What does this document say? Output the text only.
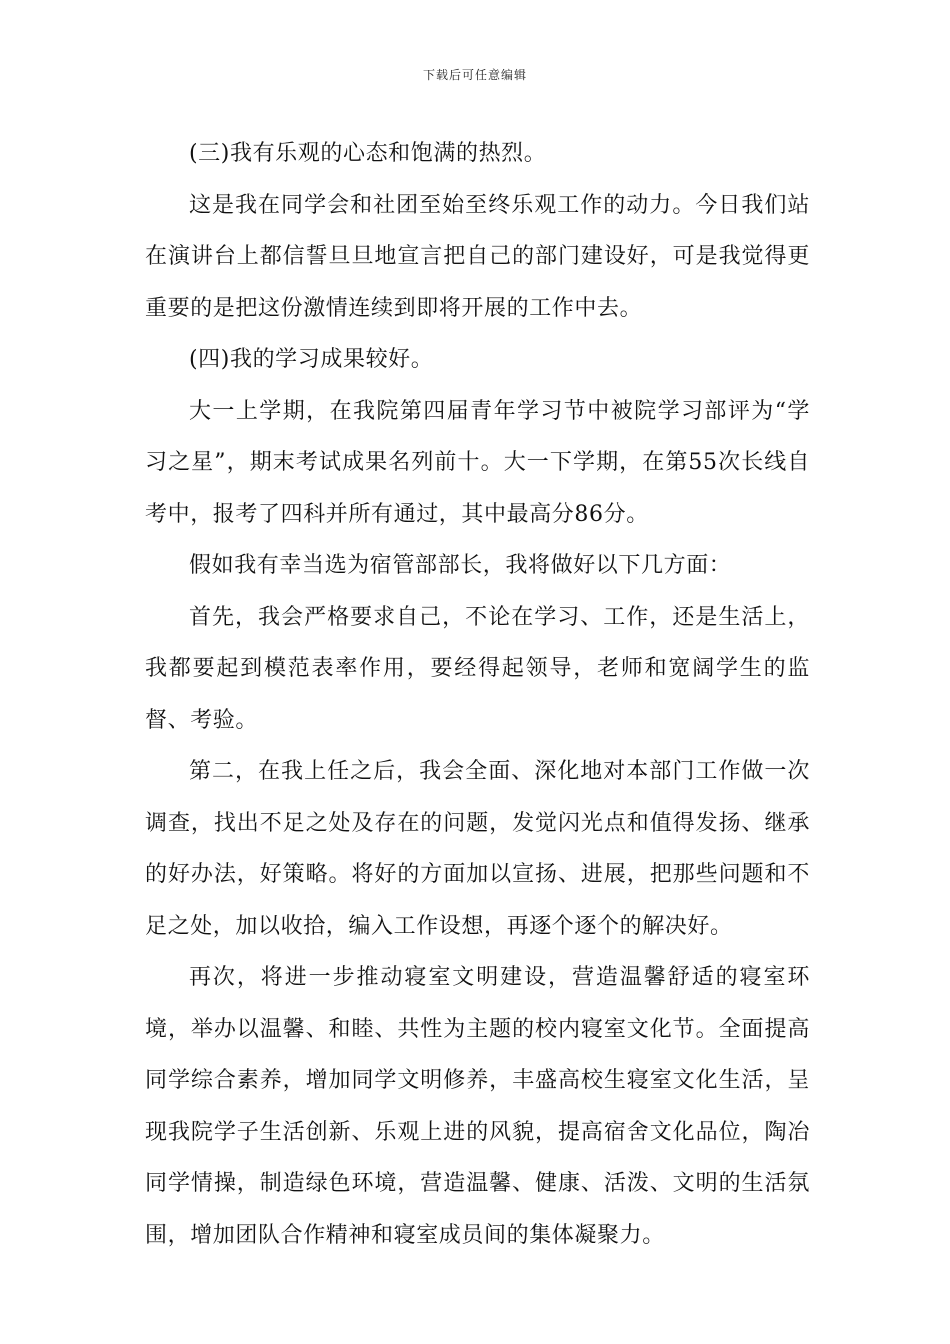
下载后可任意编辑

(三)我有乐观的心态和饱满的热烈。

这是我在同学会和社团至始至终乐观工作的动力。今日我们站在演讲台上都信誓旦旦地宣言把自己的部门建设好，可是我觉得更重要的是把这份激情连续到即将开展的工作中去。

(四)我的学习成果较好。

大一上学期，在我院第四届青年学习节中被院学习部评为“学习之星”，期末考试成果名列前十。大一下学期，在第55次长线自考中，报考了四科并所有通过，其中最高分86分。

假如我有幸当选为宿管部部长，我将做好以下几方面：

首先，我会严格要求自己，不论在学习、工作，还是生活上，我都要起到模范表率作用，要经得起领导，老师和宽阔学生的监督、考验。

第二，在我上任之后，我会全面、深化地对本部门工作做一次调查，找出不足之处及存在的问题，发觉闪光点和值得发扬、继承的好办法，好策略。将好的方面加以宣扬、进展，把那些问题和不足之处，加以收拾，编入工作设想，再逐个逐个的解决好。

再次，将进一步推动寝室文明建设，营造温馨舒适的寝室环境，举办以温馨、和睦、共性为主题的校内寝室文化节。全面提高同学综合素养，增加同学文明修养，丰盛高校生寝室文化生活，呈现我院学子生活创新、乐观上进的风貌，提高宿舍文化品位，陶冶同学情操，制造绿色环境，营造温馨、健康、活泼、文明的生活氛围，增加团队合作精神和寝室成员间的集体凝聚力。
